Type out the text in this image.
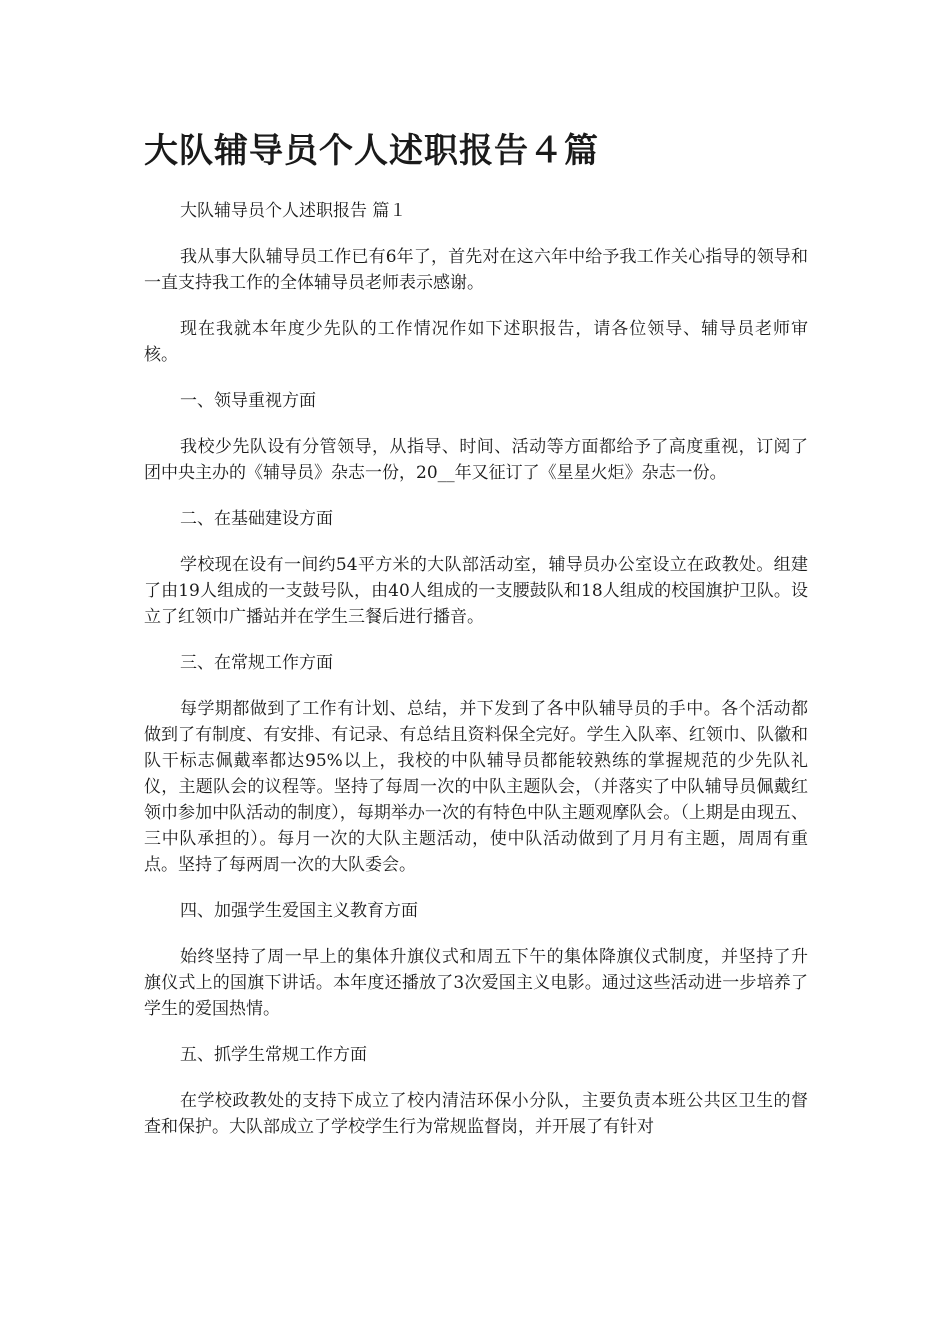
大队辅导员个人述职报告４篇

大队辅导员个人述职报告 篇１

我从事大队辅导员工作已有6年了，首先对在这六年中给予我工作关心指导的领导和一直支持我工作的全体辅导员老师表示感谢。

现在我就本年度少先队的工作情况作如下述职报告，请各位领导、辅导员老师审核。

一、领导重视方面

我校少先队设有分管领导，从指导、时间、活动等方面都给予了高度重视，订阅了团中央主办的《辅导员》杂志一份，20__年又征订了《星星火炬》杂志一份。

二、在基础建设方面

学校现在设有一间约54平方米的大队部活动室，辅导员办公室设立在政教处。组建了由19人组成的一支鼓号队，由40人组成的一支腰鼓队和18人组成的校国旗护卫队。设立了红领巾广播站并在学生三餐后进行播音。

三、在常规工作方面

每学期都做到了工作有计划、总结，并下发到了各中队辅导员的手中。各个活动都做到了有制度、有安排、有记录、有总结且资料保全完好。学生入队率、红领巾、队徽和队干标志佩戴率都达95%以上，我校的中队辅导员都能较熟练的掌握规范的少先队礼仪，主题队会的议程等。坚持了每周一次的中队主题队会，（并落实了中队辅导员佩戴红领巾参加中队活动的制度），每期举办一次的有特色中队主题观摩队会。（上期是由现五、三中队承担的）。每月一次的大队主题活动，使中队活动做到了月月有主题，周周有重点。坚持了每两周一次的大队委会。

四、加强学生爱国主义教育方面

始终坚持了周一早上的集体升旗仪式和周五下午的集体降旗仪式制度，并坚持了升旗仪式上的国旗下讲话。本年度还播放了3次爱国主义电影。通过这些活动进一步培养了学生的爱国热情。

五、抓学生常规工作方面

在学校政教处的支持下成立了校内清洁环保小分队，主要负责本班公共区卫生的督查和保护。大队部成立了学校学生行为常规监督岗，并开展了有针对
